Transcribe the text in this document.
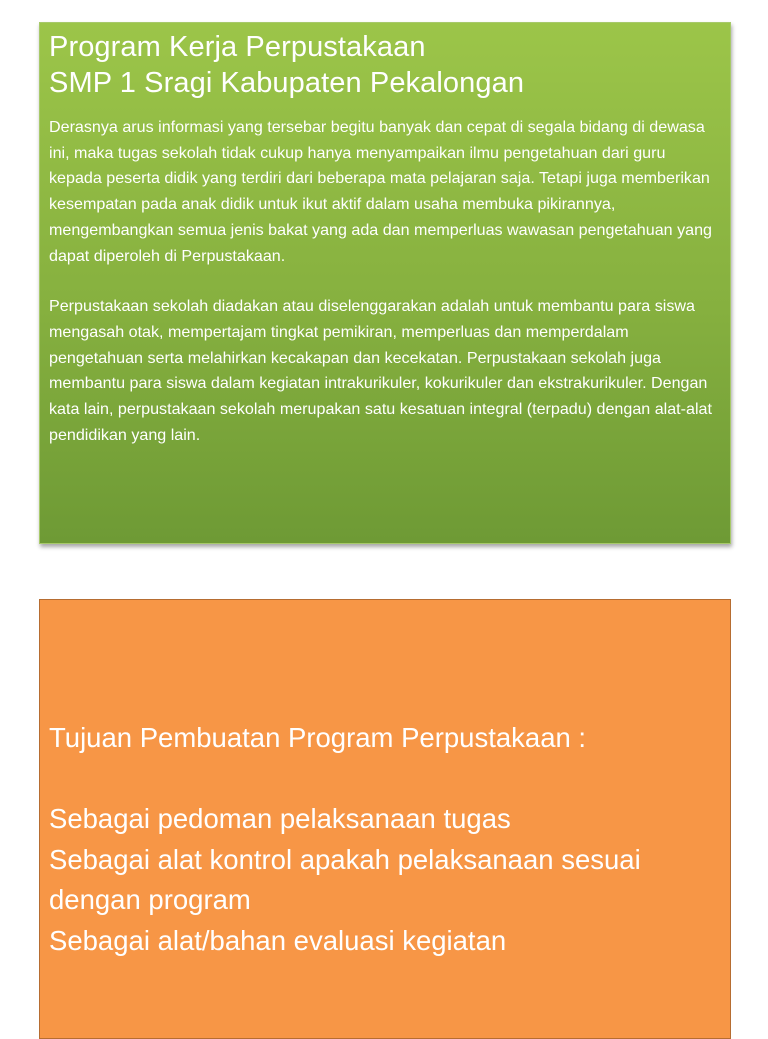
Program Kerja Perpustakaan
SMP 1 Sragi Kabupaten Pekalongan

Derasnya arus informasi yang tersebar begitu banyak dan cepat di segala bidang di dewasa ini, maka tugas sekolah tidak cukup hanya menyampaikan ilmu pengetahuan dari guru kepada peserta didik yang terdiri dari beberapa mata pelajaran saja. Tetapi juga memberikan kesempatan pada anak didik untuk ikut aktif dalam usaha membuka pikirannya, mengembangkan semua jenis bakat yang ada dan memperluas wawasan pengetahuan yang dapat diperoleh di Perpustakaan.

Perpustakaan sekolah diadakan atau diselenggarakan adalah untuk membantu para siswa mengasah otak, mempertajam tingkat pemikiran, memperluas dan memperdalam pengetahuan serta melahirkan kecakapan dan kecekatan. Perpustakaan sekolah juga membantu para siswa dalam kegiatan intrakurikuler, kokurikuler dan ekstrakurikuler. Dengan kata lain, perpustakaan sekolah merupakan satu kesatuan integral (terpadu) dengan alat-alat pendidikan yang lain.

Tujuan Pembuatan Program Perpustakaan :

Sebagai pedoman pelaksanaan tugas

Sebagai alat kontrol apakah pelaksanaan sesuai dengan program

Sebagai alat/bahan evaluasi kegiatan
